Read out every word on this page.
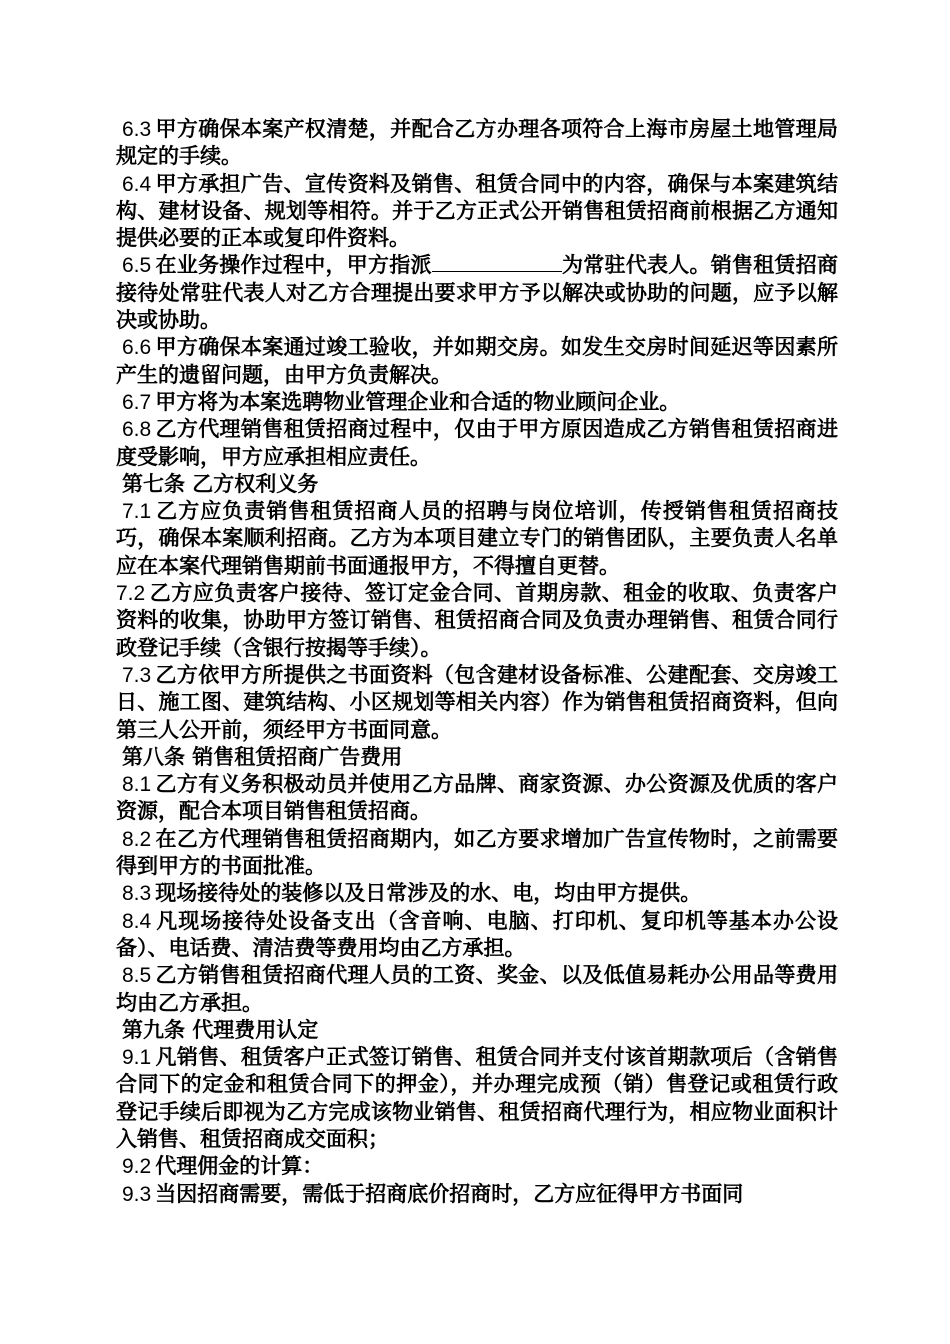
6.3 甲方确保本案产权清楚，并配合乙方办理各项符合上海市房屋土地管理局规定的手续。

6.4 甲方承担广告、宣传资料及销售、租赁合同中的内容，确保与本案建筑结构、建材设备、规划等相符。并于乙方正式公开销售租赁招商前根据乙方通知提供必要的正本或复印件资料。

6.5 在业务操作过程中，甲方指派	为常驻代表人。销售租赁招商接待处常驻代表人对乙方合理提出要求甲方予以解决或协助的问题，应予以解决或协助。

6.6 甲方确保本案通过竣工验收，并如期交房。如发生交房时间延迟等因素所产生的遗留问题，由甲方负责解决。

6.7 甲方将为本案选聘物业管理企业和合适的物业顾问企业。

6.8 乙方代理销售租赁招商过程中，仅由于甲方原因造成乙方销售租赁招商进度受影响，甲方应承担相应责任。

第七条 乙方权利义务

7.1 乙方应负责销售租赁招商人员的招聘与岗位培训，传授销售租赁招商技巧，确保本案顺利招商。乙方为本项目建立专门的销售团队，主要负责人名单应在本案代理销售期前书面通报甲方，不得擅自更替。

7.2 乙方应负责客户接待、签订定金合同、首期房款、租金的收取、负责客户资料的收集，协助甲方签订销售、租赁招商合同及负责办理销售、租赁合同行政登记手续（含银行按揭等手续）。

7.3 乙方依甲方所提供之书面资料（包含建材设备标准、公建配套、交房竣工日、施工图、建筑结构、小区规划等相关内容）作为销售租赁招商资料，但向第三人公开前，须经甲方书面同意。

第八条 销售租赁招商广告费用

8.1 乙方有义务积极动员并使用乙方品牌、商家资源、办公资源及优质的客户资源，配合本项目销售租赁招商。

8.2 在乙方代理销售租赁招商期内，如乙方要求增加广告宣传物时，之前需要得到甲方的书面批准。

8.3 现场接待处的装修以及日常涉及的水、电，均由甲方提供。

8.4 凡现场接待处设备支出（含音响、电脑、打印机、复印机等基本办公设备）、电话费、清洁费等费用均由乙方承担。

8.5 乙方销售租赁招商代理人员的工资、奖金、以及低值易耗办公用品等费用均由乙方承担。

第九条 代理费用认定

9.1 凡销售、租赁客户正式签订销售、租赁合同并支付该首期款项后（含销售合同下的定金和租赁合同下的押金），并办理完成预（销）售登记或租赁行政登记手续后即视为乙方完成该物业销售、租赁招商代理行为，相应物业面积计入销售、租赁招商成交面积；

9.2 代理佣金的计算：

9.3 当因招商需要，需低于招商底价招商时，乙方应征得甲方书面同
